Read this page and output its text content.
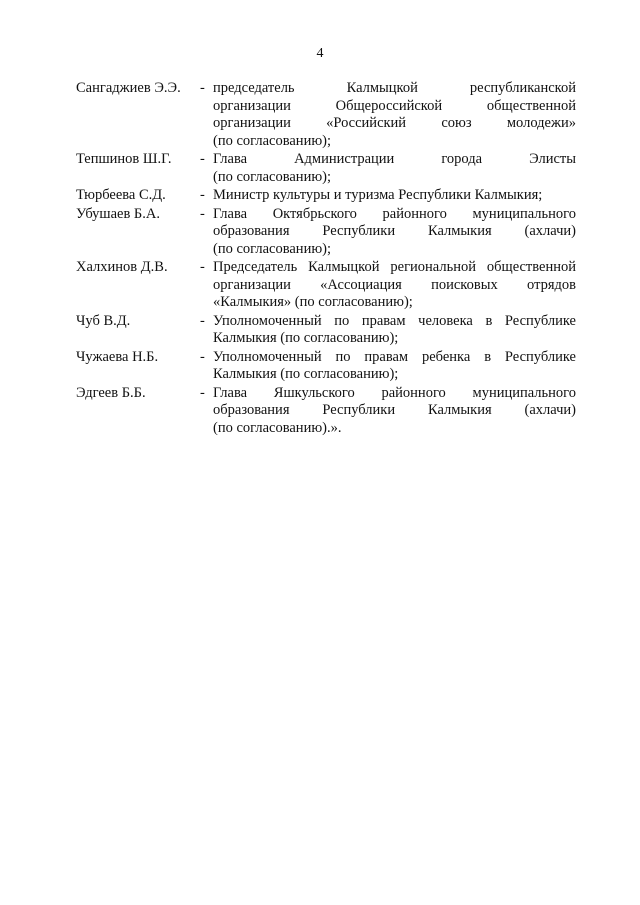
4
Сангаджиев Э.Э.	- председатель Калмыцкой республиканской
организации Общероссийской общественной
организации «Российский союз молодежи»
(по согласованию);
Тепшинов Ш.Г.	- Глава Администрации города Элисты
(по согласованию);
Тюрбеева С.Д.	- Министр культуры и туризма Республики Калмыкия;
Убушаев Б.А.	- Глава Октябрьского районного муниципального
образования Республики Калмыкия (ахлачи)
(по согласованию);
Халхинов Д.В.	- Председатель Калмыцкой региональной общественной
организации «Ассоциация поисковых отрядов
«Калмыкия» (по согласованию);
Чуб В.Д.	- Уполномоченный по правам человека в Республике
Калмыкия (по согласованию);
Чужаева Н.Б.	- Уполномоченный по правам ребенка в Республике
Калмыкия (по согласованию);
Эдгеев Б.Б.	- Глава Яшкульского районного муниципального
образования Республики Калмыкия (ахлачи)
(по согласованию).».
